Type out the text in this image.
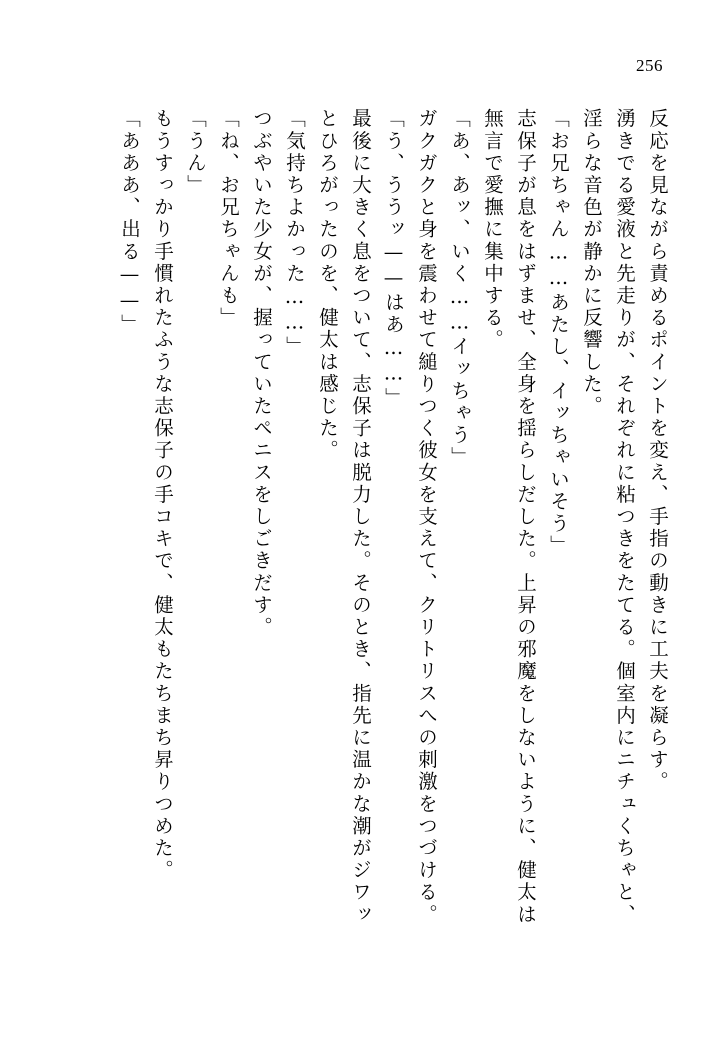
256
反応を見ながら責めるポイントを変え、手指の動きに工夫を凝らす。
湧きでる愛液と先走りが、それぞれに粘つきをたてる。個室内にニチュくちゃと、
淫らな音色が静かに反響した。
「お兄ちゃん……あたし、イッちゃいそう」
志保子が息をはずませ、全身を揺らしだした。上昇の邪魔をしないように、健太は
無言で愛撫に集中する。
「あ、あッ、いく……イッちゃう」
ガクガクと身を震わせて縋りつく彼女を支えて、クリトリスへの刺激をつづける。
「う、ううッ——はあ……」
最後に大きく息をついて、志保子は脱力した。そのとき、指先に温かな潮がジワッ
とひろがったのを、健太は感じた。
「気持ちよかった……」
つぶやいた少女が、握っていたペニスをしごきだす。
「ね、お兄ちゃんも」
「うん」
もうすっかり手慣れたふうな志保子の手コキで、健太もたちまち昇りつめた。
「あああ、出る——」
